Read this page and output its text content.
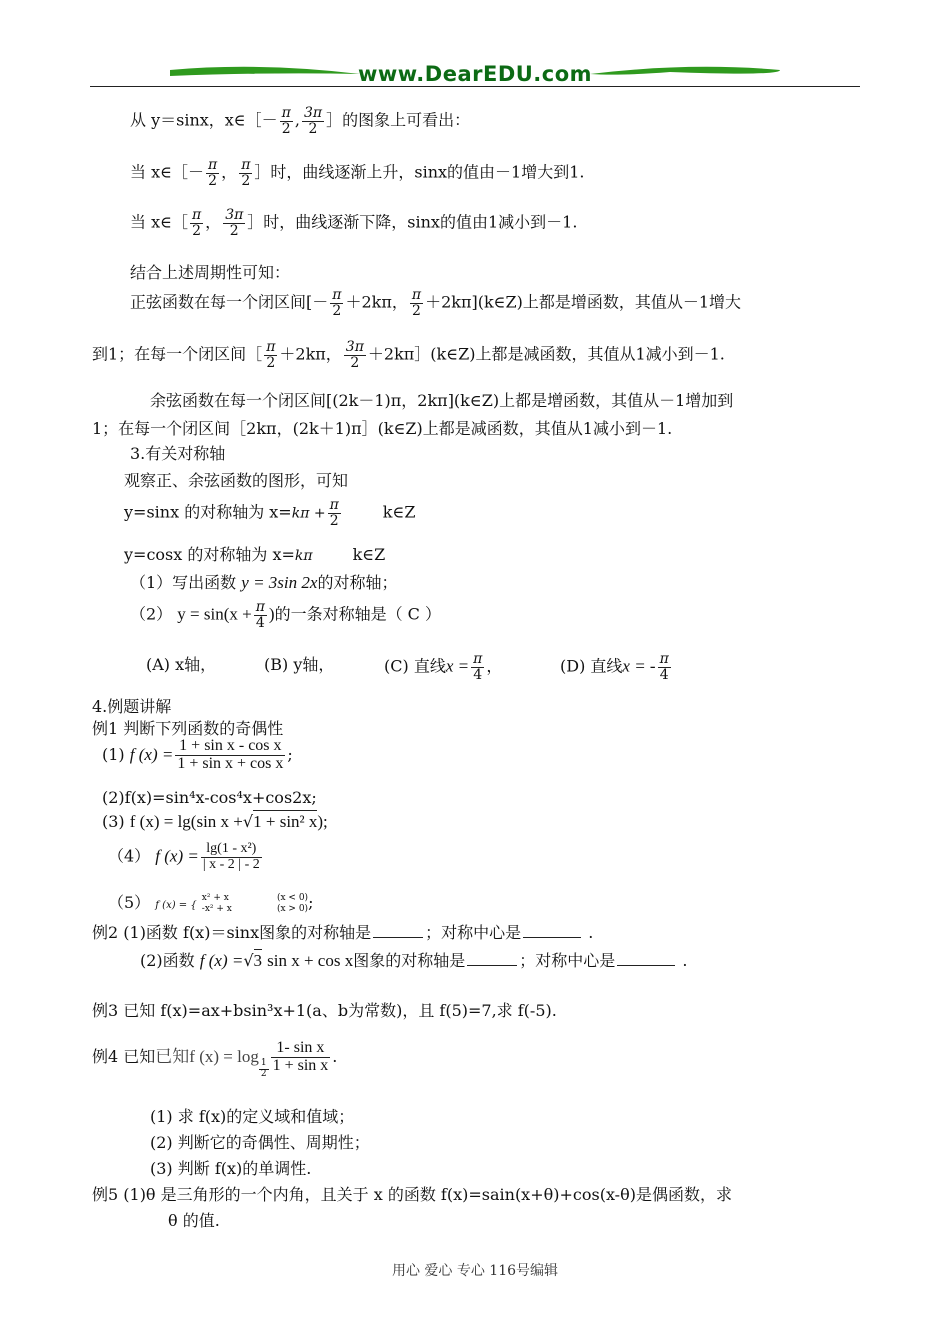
www.DearEDU.com
从 y＝sinx，x∈［－ $\frac{\pi}{2}$ , $\frac{3\pi}{2}$ ］的图象上可看出：
当 x∈［－ $\frac{\pi}{2}$ ， $\frac{\pi}{2}$ ］时，曲线逐渐上升，sinx的值由－1增大到1.
当 x∈［ $\frac{\pi}{2}$ ， $\frac{3\pi}{2}$ ］时，曲线逐渐下降，sinx的值由1减小到－1.
结合上述周期性可知：
正弦函数在每一个闭区间[－ $\frac{\pi}{2} +2k\pi$， $\frac{\pi}{2}$ ＋2kπ](k∈Z)上都是增函数，其值从－1增大
到1；在每一个闭区间［ $\frac{\pi}{2} +2k\pi$， $\frac{3\pi}{2}$ ＋2kπ］(k∈Z)上都是减函数，其值从1减小到－1.
余弦函数在每一个闭区间[(2k－1)π，2kπ](k∈Z)上都是增函数，其值从－1增加到
1；在每一个闭区间［2kπ，(2k＋1)π］(k∈Z)上都是减函数，其值从1减小到－1.
3.有关对称轴
观察正、余弦函数的图形，可知
y=sinx 的对称轴为 $x=k\pi + \frac{\pi}{2}$	k∈Z
y=cosx 的对称轴为 x=kπ	k∈Z
（1）写出函数 y = 3sin 2x的对称轴；
（2） $y = \sin(x + \frac{\pi}{4}$ )的一条对称轴是（ C ）
(A) x轴，	(B) y轴，	(C) 直线$x = \frac{\pi}{4}$ ，	(D) 直线x = - $\frac{\pi}{4}$
4.例题讲解
例1 判断下列函数的奇偶性
(1) f $(x) = \frac{\text{1 + sin x - cos x}}{\text{1 + sin x + cos x}}$ ;
(2)f(x)=sin⁴x-cos⁴x+cos2x;
(3) f (x) = lg(sin x +√1 + sin² x);
（4） f $(x) = \frac{\text{lg(1 - x²)}}{| x - 2 | - 2}$
（5） f (x) = {
x² + x
-x² + x

(x < 0)
(x > 0) ;
例2 (1)函数 f(x)＝sinx图象的对称轴是	；对称中心是	.
(2)函数 f (x) =√3 sin x + cos x图象的对称轴是	；对称中心是	.
例3 已知 f(x)=ax+bsin³x+1(a、b为常数)，且 f(5)=7,求 f(-5).
例4 已知已知f (x) = log
$\frac{1}{2} \frac{\text{1- sin x}}{\text{1 + sin x}}$ .
(1) 求 f(x)的定义域和值域；
(2) 判断它的奇偶性、周期性；
(3) 判断 f(x)的单调性.
例5 (1)θ 是三角形的一个内角，且关于 x 的函数 f(x)=sain(x+θ)+cos(x-θ)是偶函数，求
θ 的值.
用心 爱心 专心 116号编辑
